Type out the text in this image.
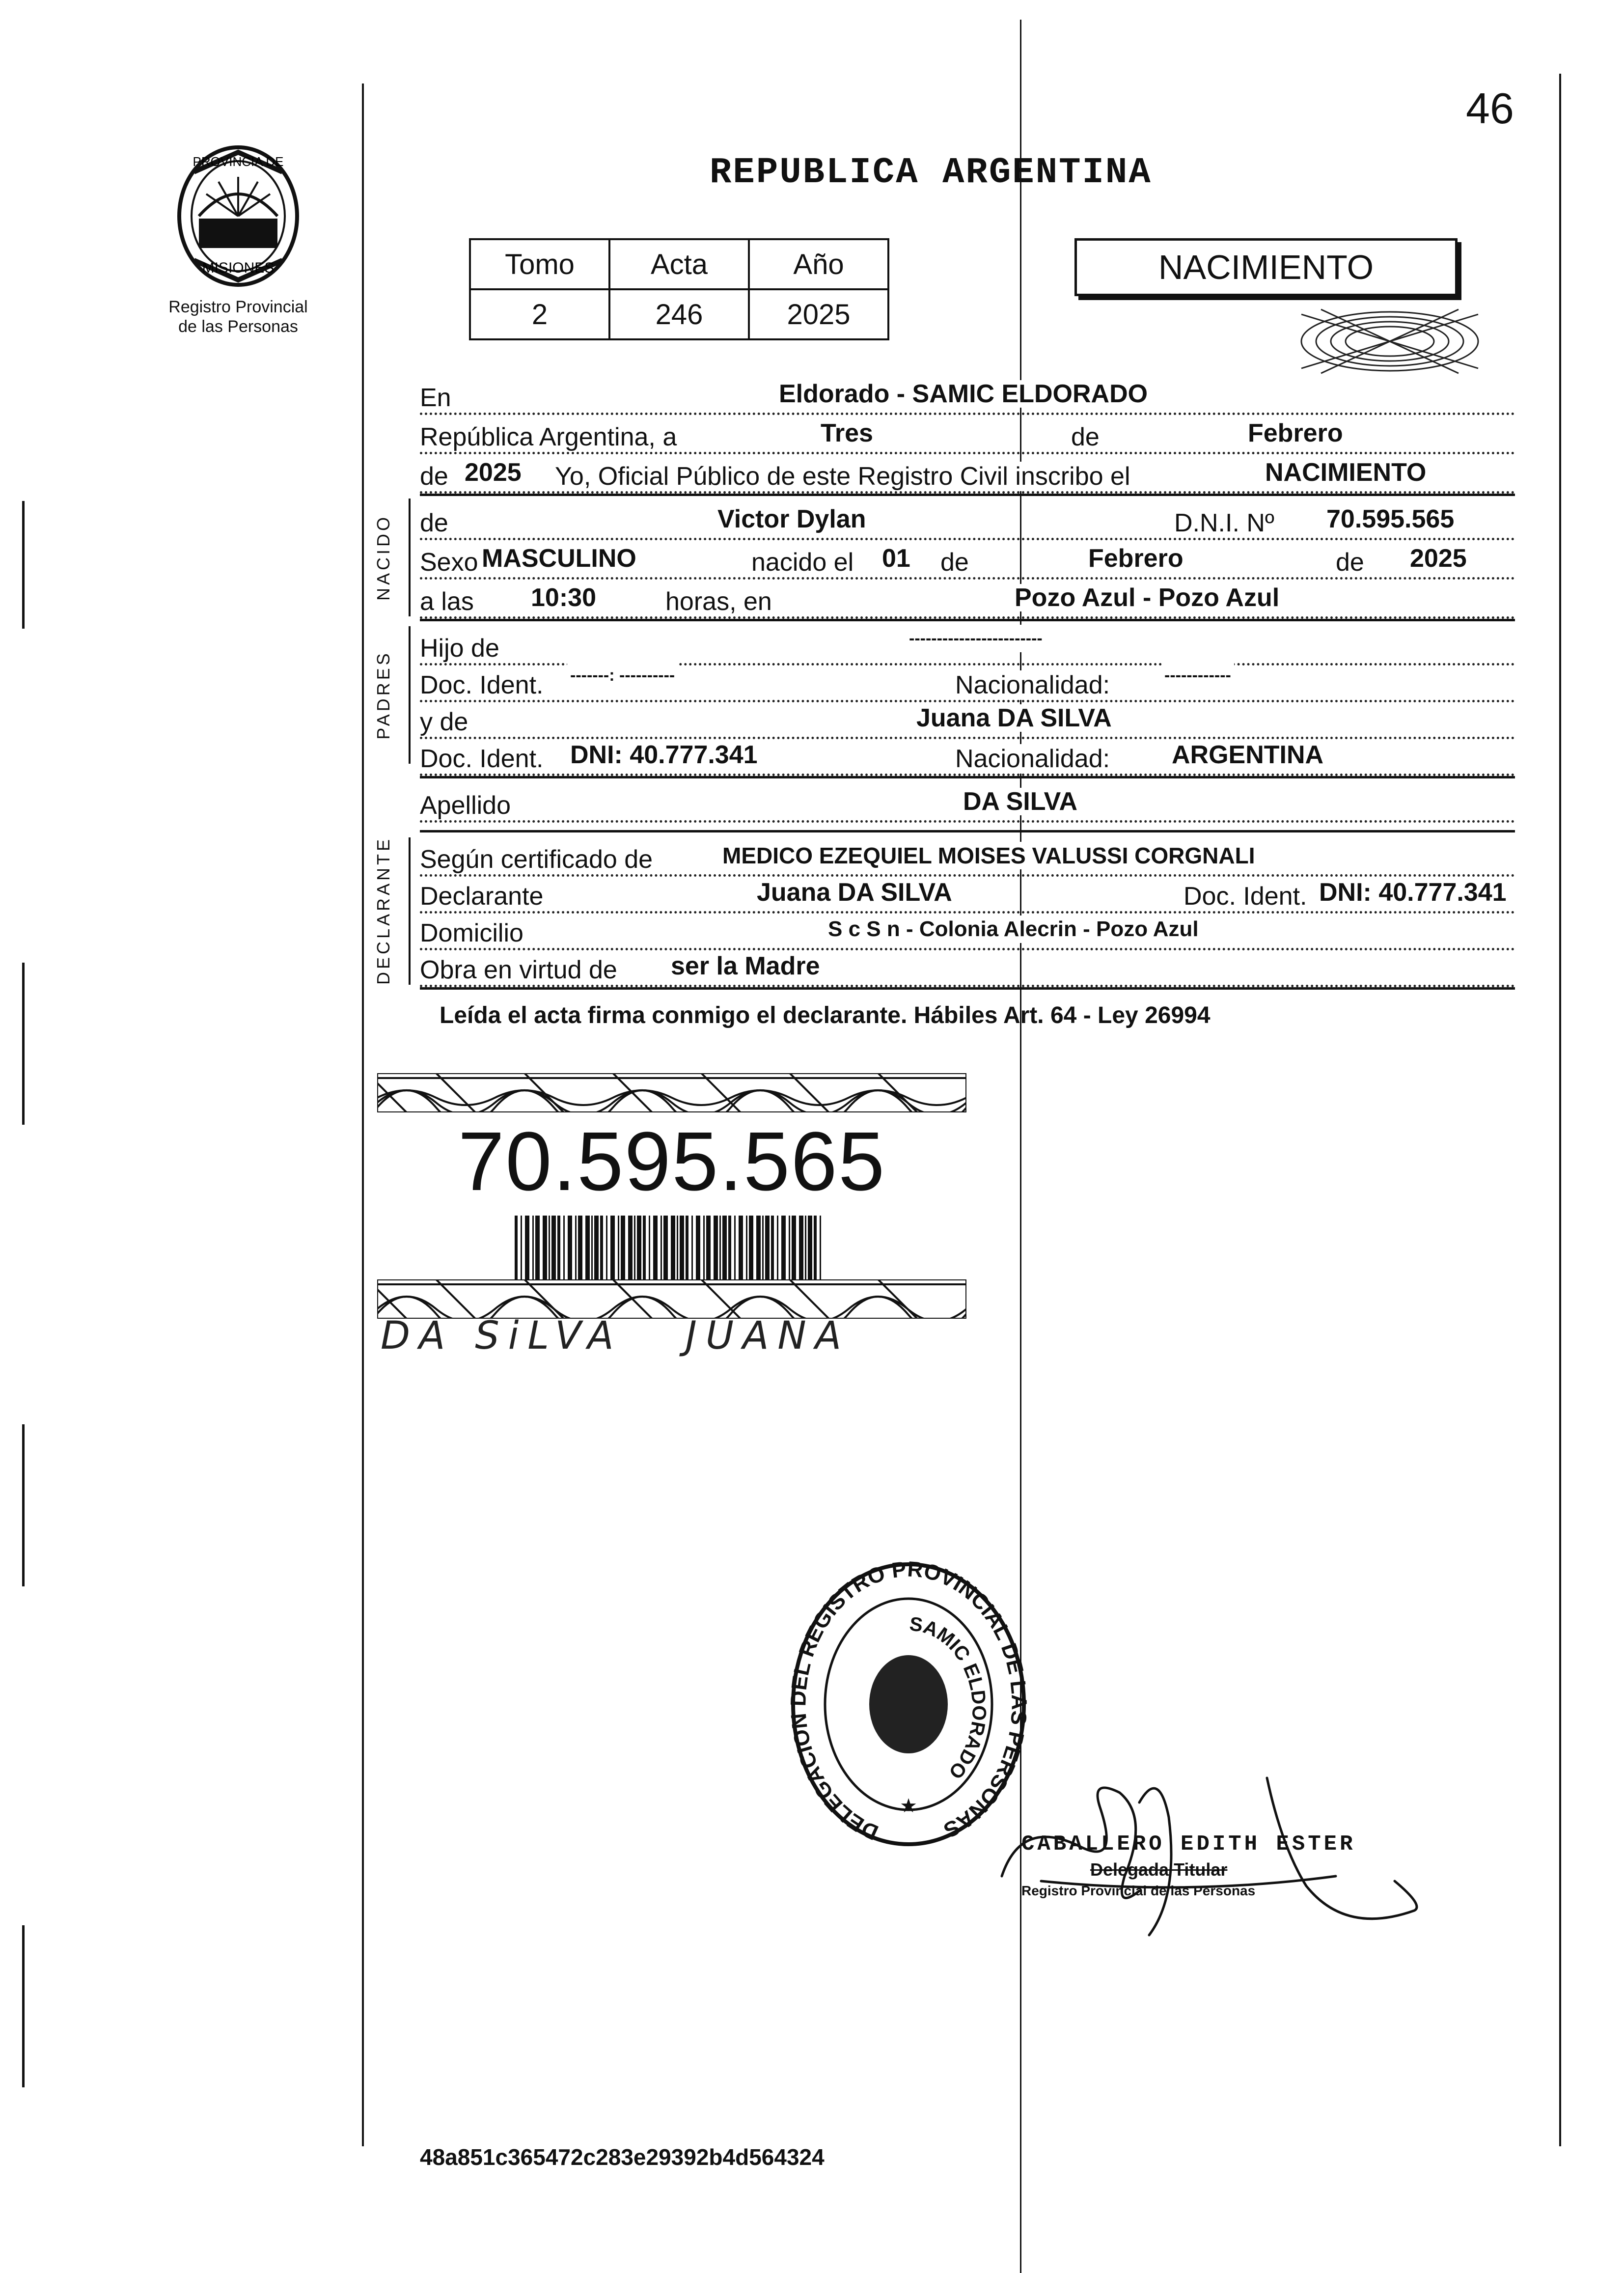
46
PROVINCIA DE
MISIONES
Registro Provincial
de las Personas
REPUBLICA ARGENTINA
Tomo	Acta	Año
2	246	2025
NACIMIENTO
En	Eldorado - SAMIC ELDORADO
República Argentina, a	Tres	de	Febrero
de 2025 Yo, Oficial Público de este Registro Civil inscribo el	NACIMIENTO
NACIDO de	Victor Dylan	D.N.I. Nº 70.595.565
Sexo MASCULINO	nacido el 01 de	Febrero	de 2025
a las 10:30	horas, en	Pozo Azul - Pozo Azul
PADRES
Hijo de	------------------------
Doc. Ident. -------: ----------	Nacionalidad:	------------
y de	Juana DA SILVA
Doc. Ident. DNI: 40.777.341	Nacionalidad: ARGENTINA
Apellido	DA SILVA
DECLARANTE Según certificado de	MEDICO EZEQUIEL MOISES VALUSSI CORGNALI
Declarante	Juana DA SILVA	Doc. Ident. DNI: 40.777.341
Domicilio	S c S n - Colonia Alecrin - Pozo Azul
Obra en virtud de ser la Madre
Leída el acta firma conmigo el declarante. Hábiles Art. 64 - Ley 26994
70.595.565
DA SiLVA   JUANA
DELEGACION DEL REGISTRO PROVINCIAL DE LAS PERSONAS
SAMIC ELDORADO
★
CABALLERO EDITH ESTER
Delegada Titular
Registro Provincial de las Personas
48a851c365472c283e29392b4d564324
